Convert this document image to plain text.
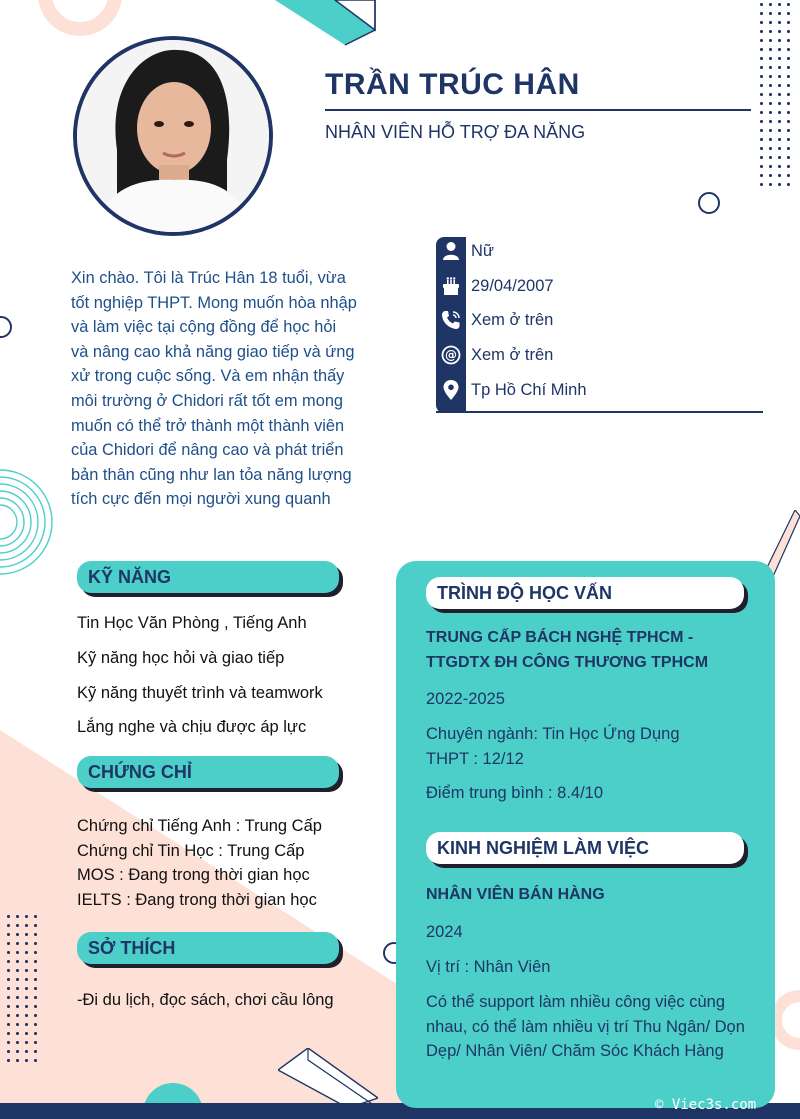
TRẦN TRÚC HÂN
NHÂN VIÊN HỖ TRỢ ĐA NĂNG
Xin chào. Tôi là Trúc Hân 18 tuổi, vừa tốt nghiệp THPT. Mong muốn hòa nhập và làm việc tại cộng đồng để học hỏi và nâng cao khả năng giao tiếp và ứng xử trong cuộc sống. Và em nhận thấy môi trường ở Chidori rất tốt em mong muốn có thể trở thành một thành viên của Chidori để nâng cao và phát triển bản thân cũng như lan tỏa năng lượng tích cực đến mọi người xung quanh
Nữ
29/04/2007
Xem ở trên
@ Xem ở trên
Tp Hồ Chí Minh
KỸ NĂNG
Tin Học Văn Phòng , Tiếng Anh
Kỹ năng học hỏi và giao tiếp
Kỹ năng thuyết trình và teamwork
Lắng nghe và chịu được áp lực
CHỨNG CHỈ
Chứng chỉ Tiếng Anh : Trung Cấp
Chứng chỉ Tin Học : Trung Cấp
MOS : Đang trong thời gian học
IELTS : Đang trong thời gian học
SỞ THÍCH
-Đi du lịch, đọc sách, chơi cầu lông
TRÌNH ĐỘ HỌC VẤN
TRUNG CẤP BÁCH NGHỆ TPHCM -
TTGDTX ĐH CÔNG THƯƠNG TPHCM
2022-2025
Chuyên ngành: Tin Học Ứng Dụng
THPT : 12/12
Điểm trung bình : 8.4/10
KINH NGHIỆM LÀM VIỆC
NHÂN VIÊN BÁN HÀNG
2024
Vị trí : Nhân Viên
Có thể support làm nhiều công việc cùng nhau, có thể làm nhiều vị trí Thu Ngân/ Dọn Dẹp/ Nhân Viên/ Chăm Sóc Khách Hàng
© Viec3s.com
